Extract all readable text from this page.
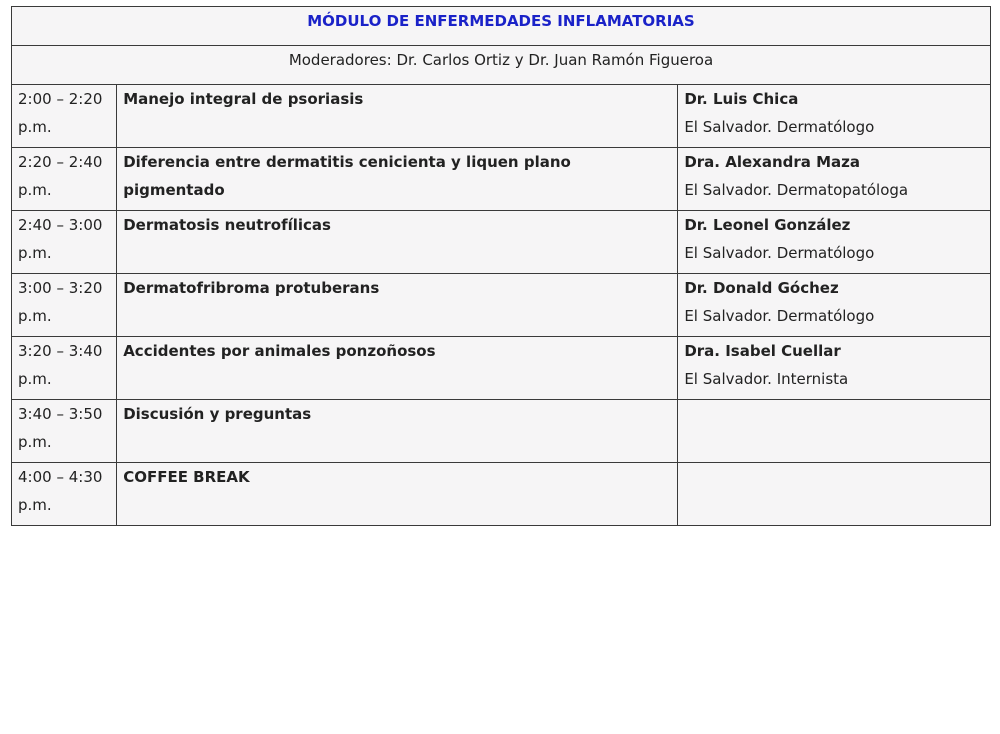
MÓDULO DE ENFERMEDADES INFLAMATORIAS		
Moderadores: Dr. Carlos Ortiz y Dr. Juan Ramón Figueroa		
2:00 – 2:20 p.m.	Manejo integral de psoriasis	Dr. Luis Chica
El Salvador. Dermatólogo

2:20 – 2:40 p.m.	Diferencia entre dermatitis cenicienta y liquen plano pigmentado	Dra. Alexandra Maza
El Salvador. Dermatopatóloga

2:40 – 3:00 p.m.	Dermatosis neutrofílicas	Dr. Leonel González
El Salvador. Dermatólogo

3:00 – 3:20 p.m.	Dermatofribroma protuberans	Dr. Donald Góchez
El Salvador. Dermatólogo

3:20 – 3:40 p.m.	Accidentes por animales ponzoñosos	Dra. Isabel Cuellar
El Salvador. Internista

3:40 – 3:50 p.m.	Discusión y preguntas	
4:00 – 4:30 p.m.	COFFEE BREAK	
